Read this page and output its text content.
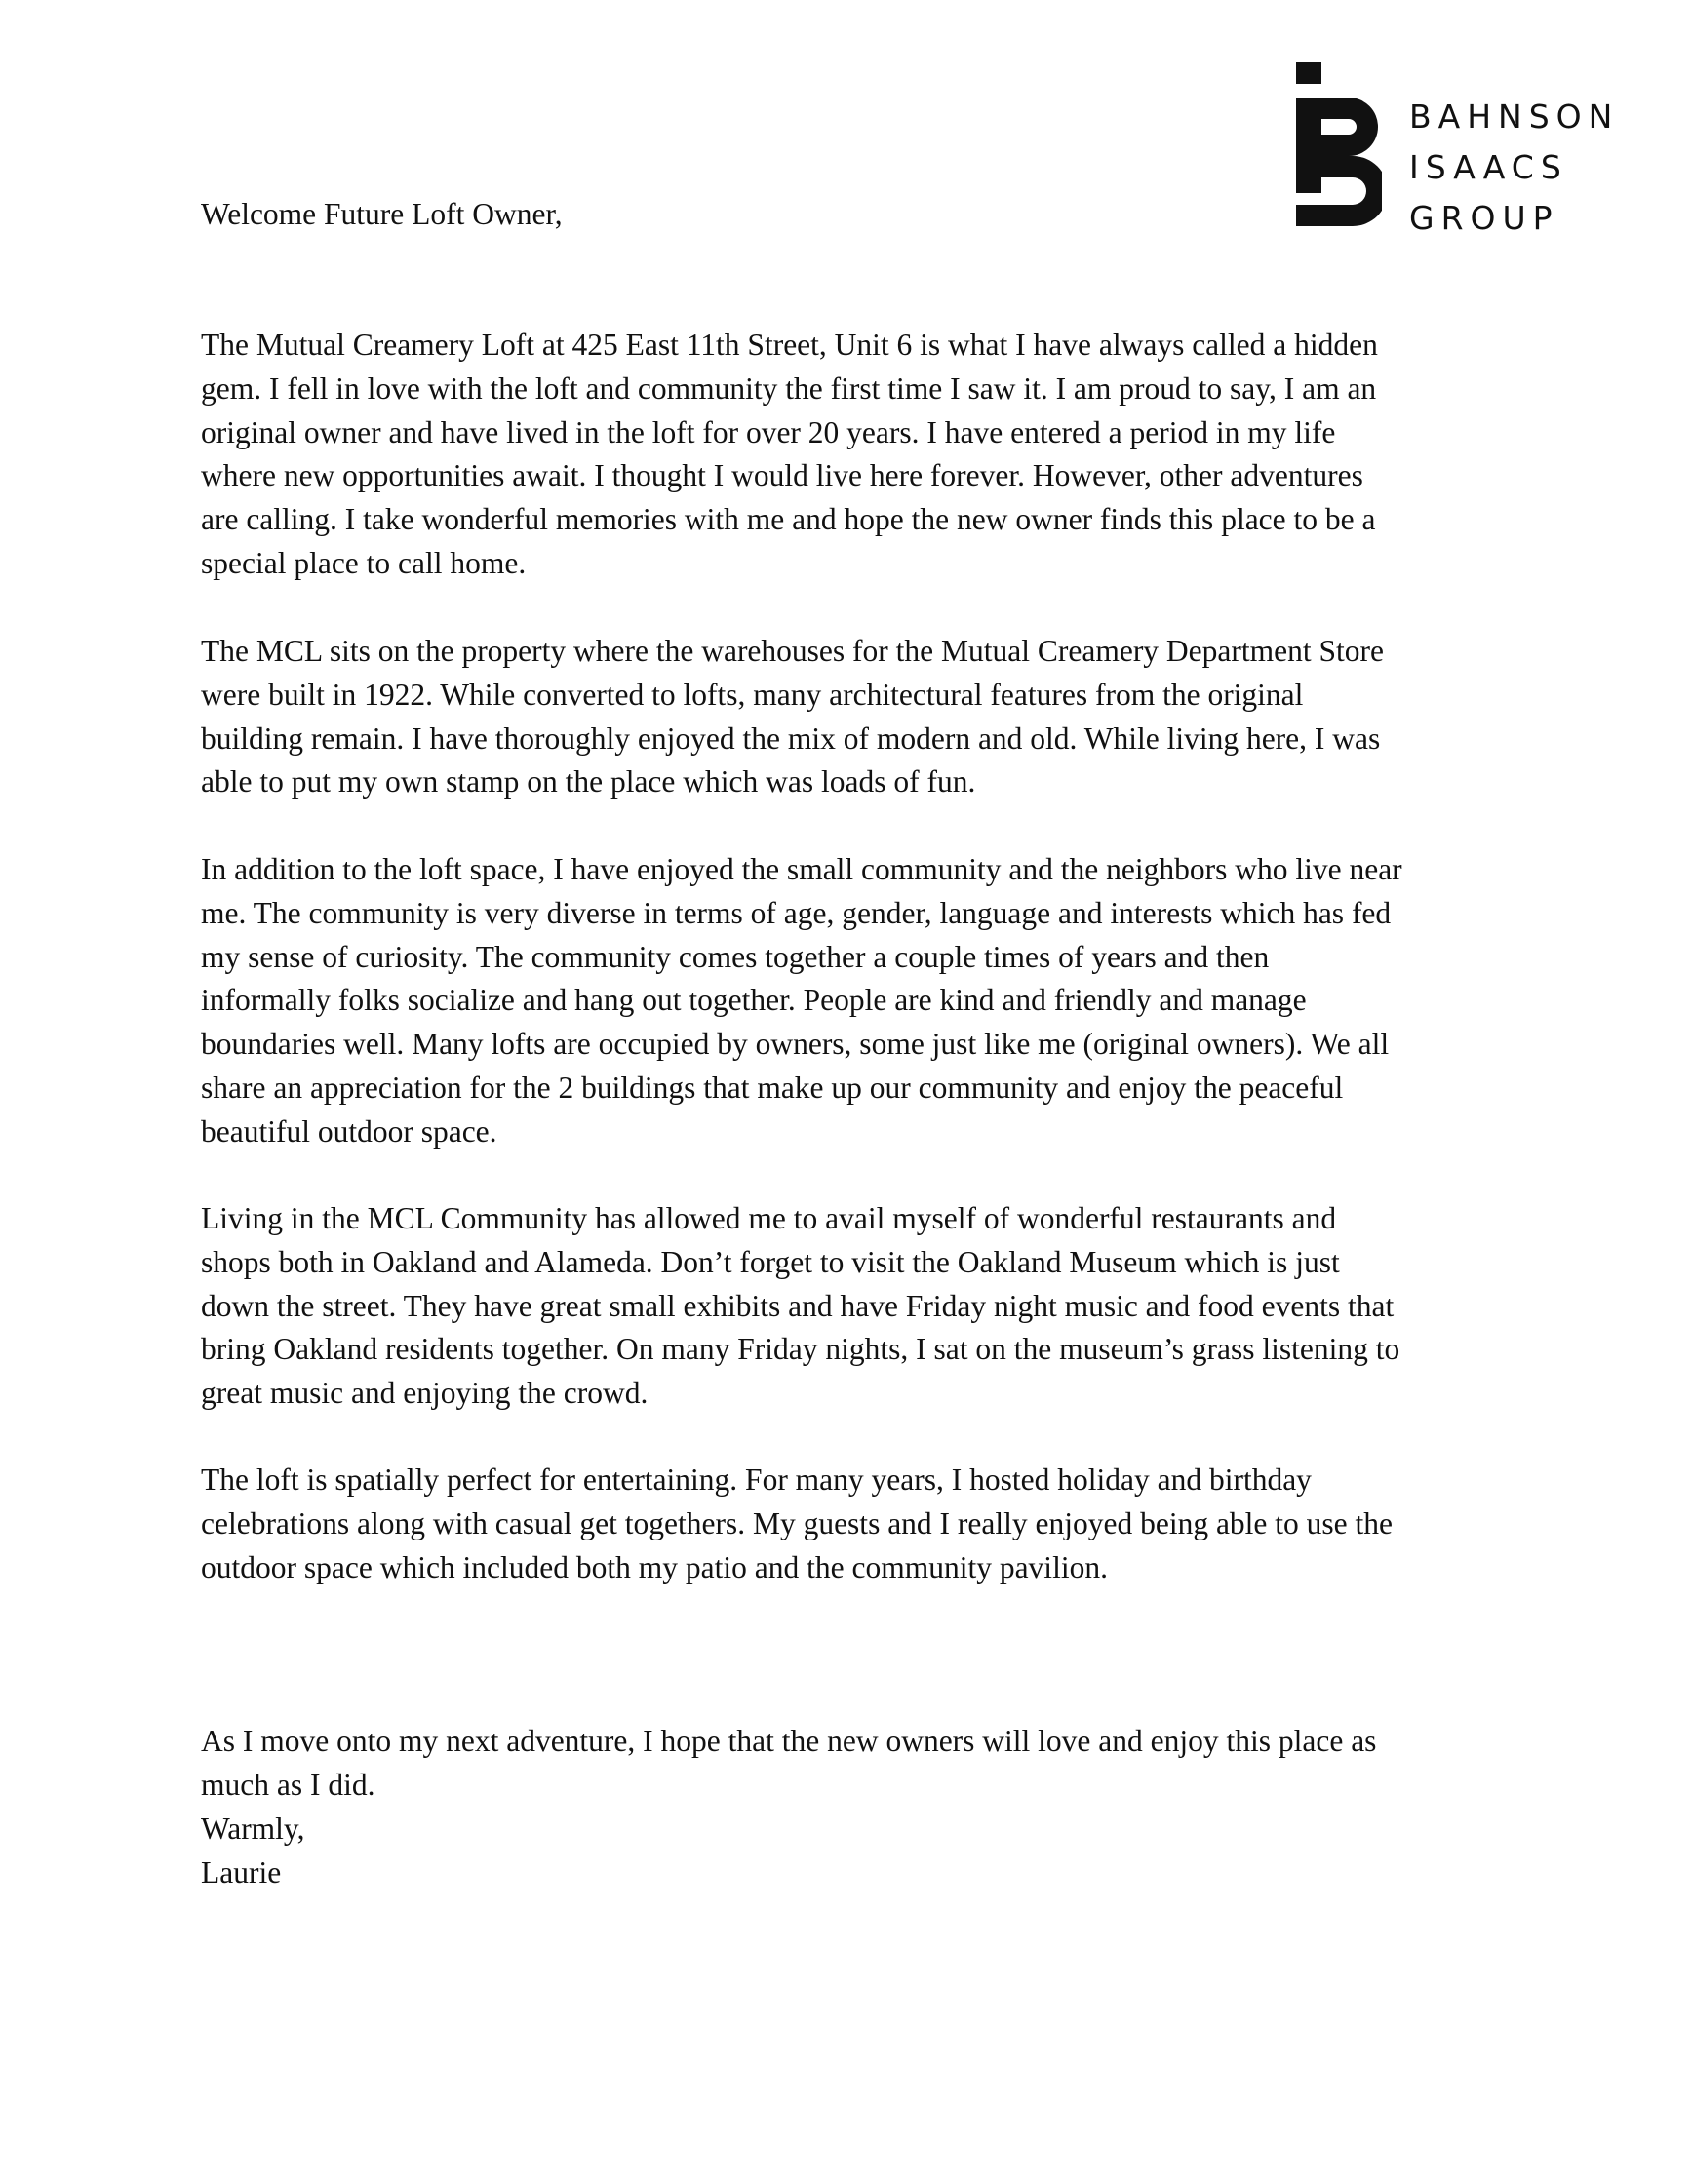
BAHNSON
ISAACS
GROUP

Welcome Future Loft Owner,

The Mutual Creamery Loft at 425 East 11th Street, Unit 6 is what I have always called a hidden
gem. I fell in love with the loft and community the first time I saw it. I am proud to say, I am an
original owner and have lived in the loft for over 20 years. I have entered a period in my life
where new opportunities await. I thought I would live here forever. However, other adventures
are calling. I take wonderful memories with me and hope the new owner finds this place to be a
special place to call home.

The MCL sits on the property where the warehouses for the Mutual Creamery Department Store
were built in 1922. While converted to lofts, many architectural features from the original
building remain. I have thoroughly enjoyed the mix of modern and old. While living here, I was
able to put my own stamp on the place which was loads of fun.

In addition to the loft space, I have enjoyed the small community and the neighbors who live near
me. The community is very diverse in terms of age, gender, language and interests which has fed
my sense of curiosity. The community comes together a couple times of years and then
informally folks socialize and hang out together. People are kind and friendly and manage
boundaries well. Many lofts are occupied by owners, some just like me (original owners). We all
share an appreciation for the 2 buildings that make up our community and enjoy the peaceful
beautiful outdoor space.

Living in the MCL Community has allowed me to avail myself of wonderful restaurants and
shops both in Oakland and Alameda. Don’t forget to visit the Oakland Museum which is just
down the street. They have great small exhibits and have Friday night music and food events that
bring Oakland residents together. On many Friday nights, I sat on the museum’s grass listening to
great music and enjoying the crowd.

The loft is spatially perfect for entertaining. For many years, I hosted holiday and birthday
celebrations along with casual get togethers. My guests and I really enjoyed being able to use the
outdoor space which included both my patio and the community pavilion.

As I move onto my next adventure, I hope that the new owners will love and enjoy this place as
much as I did.

Warmly,
Laurie
